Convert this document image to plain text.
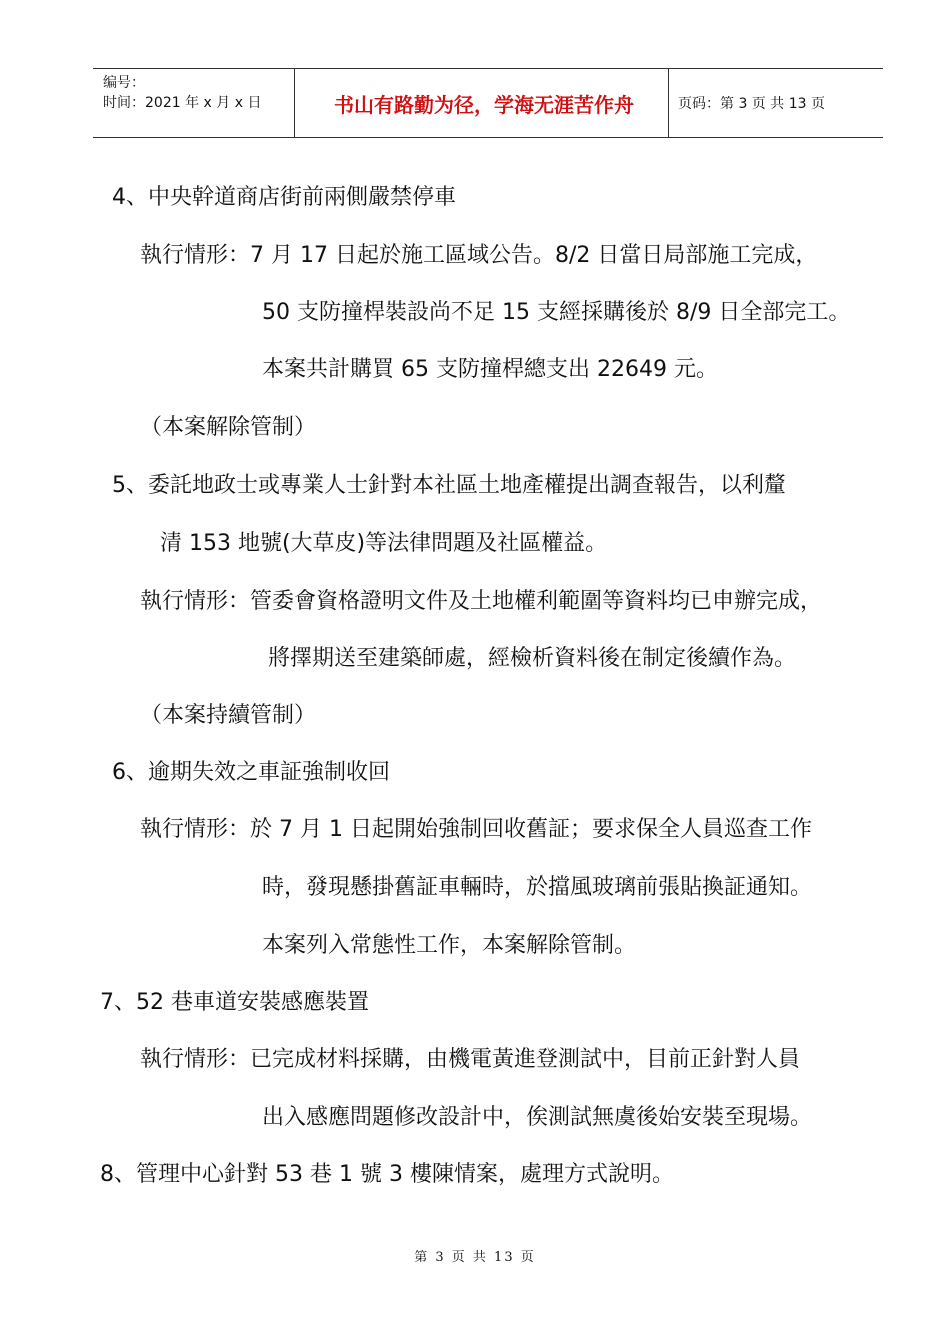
编号：
时间：2021 年 x 月 x 日	书山有路勤为径，学海无涯苦作舟	页码：第 3 页 共 13 页
4、中央幹道商店街前兩側嚴禁停車
執行情形：7 月 17 日起於施工區域公告。8/2 日當日局部施工完成，
50 支防撞桿裝設尚不足 15 支經採購後於 8/9 日全部完工。
本案共計購買 65 支防撞桿總支出 22649 元。
（本案解除管制）
5、委託地政士或專業人士針對本社區土地產權提出調查報告，以利釐
清 153 地號(大草皮)等法律問題及社區權益。
執行情形：管委會資格證明文件及土地權利範圍等資料均已申辦完成，
將擇期送至建築師處，經檢析資料後在制定後續作為。
（本案持續管制）
6、逾期失效之車証強制收回
執行情形：於 7 月 1 日起開始強制回收舊証；要求保全人員巡查工作
時，發現懸掛舊証車輛時，於擋風玻璃前張貼換証通知。
本案列入常態性工作，本案解除管制。
7、52 巷車道安裝感應裝置
執行情形：已完成材料採購，由機電黃進登測試中，目前正針對人員
出入感應問題修改設計中，俟測試無虞後始安裝至現場。
8、管理中心針對 53 巷 1 號 3 樓陳情案，處理方式說明。
第 3 页 共 13 页
